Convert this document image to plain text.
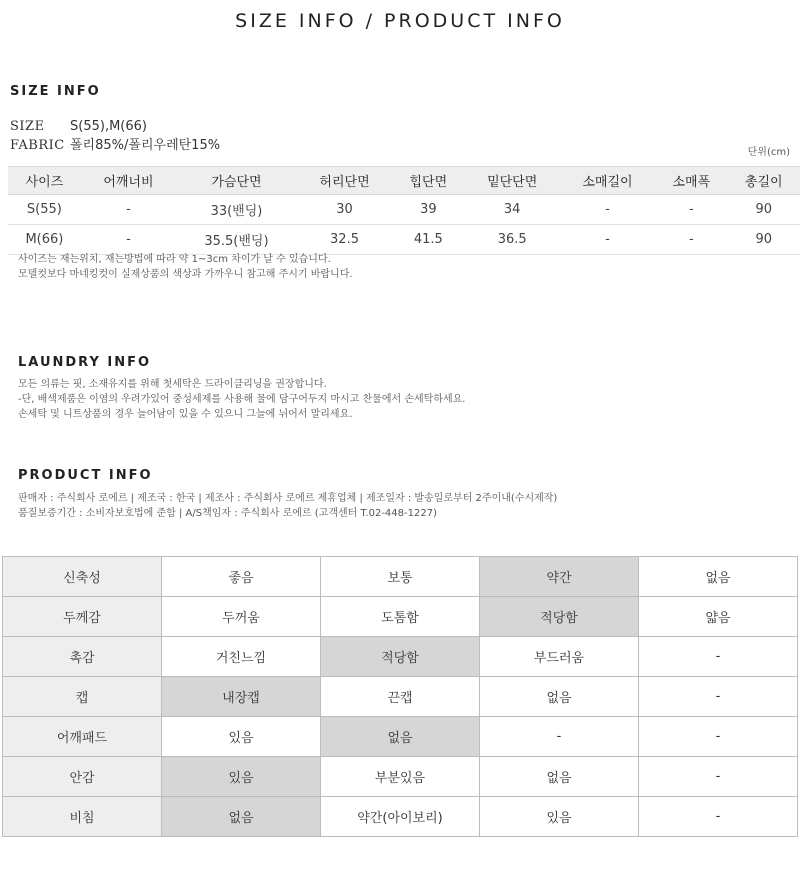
SIZE INFO / PRODUCT INFO
SIZE INFO
SIZE S(55),M(66)
FABRIC 폴리85%/폴리우레탄15%	단위(cm)
사이즈	어깨너비	가슴단면	허리단면	힙단면	밑단단면	소매길이	소매폭	총길이
S(55)	-	33(밴딩)	30	39	34	-	-	90
M(66)	-	35.5(밴딩)	32.5	41.5	36.5	-	-	90
사이즈는 재는위치, 재는방법에 따라 약 1~3cm 차이가 날 수 있습니다.
모델컷보다 마네킹컷이 실제상품의 색상과 가까우니 참고해 주시기 바랍니다.
LAUNDRY INFO
모든 의류는 핏, 소재유지를 위해 첫세탁은 드라이클리닝을 권장합니다.
-단, 배색제품은 이염의 우려가있어 중성세제를 사용해 물에 담구어두지 마시고 찬물에서 손세탁하세요.
손세탁 및 니트상품의 경우 늘어남이 있을 수 있으니 그늘에 뉘어서 말리세요.
PRODUCT INFO
판매자 : 주식회사 로에르 | 제조국 : 한국 | 제조사 : 주식회사 로에르 제휴업체 | 제조일자 : 발송일로부터 2주이내(수시제작)
품질보증기간 : 소비자보호법에 준함 | A/S책임자 : 주식회사 로에르 (고객센터 T.02-448-1227)
신축성	좋음	보통	약간	없음
두께감	두꺼움	도톰함	적당함	얇음
촉감	거친느낌	적당함	부드러움	-
캡	내장캡	끈캡	없음	-
어깨패드	있음	없음	-	-
안감	있음	부분있음	없음	-
비침	없음	약간(아이보리)	있음	-
